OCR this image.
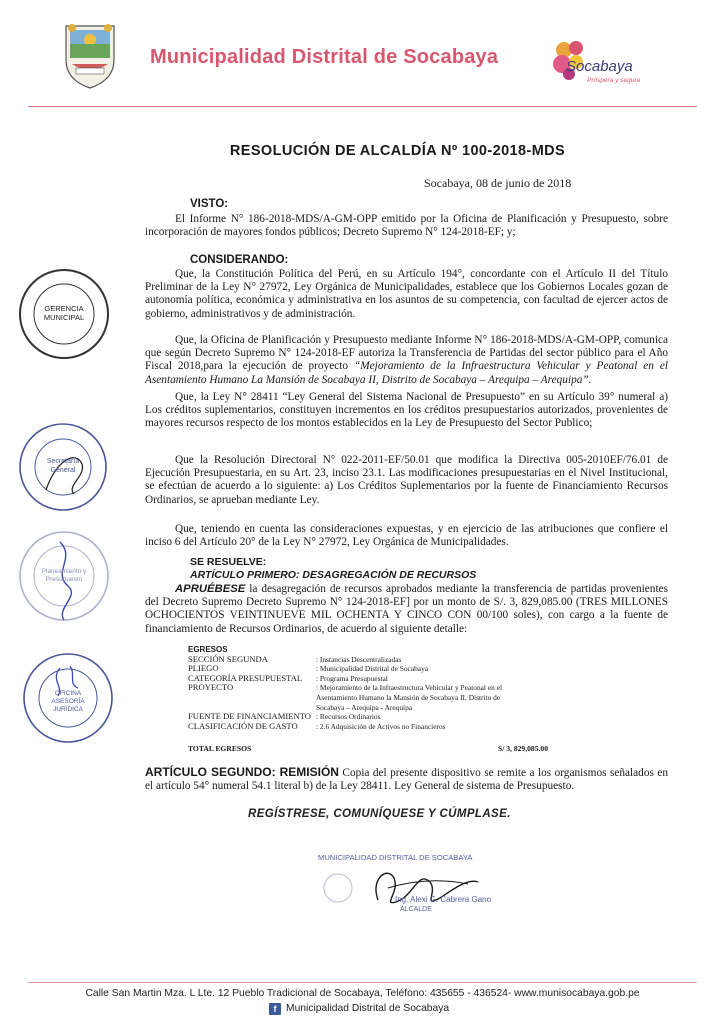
Municipalidad Distrital de Socabaya	Socabaya
Próspera y segura
RESOLUCIÓN DE ALCALDÍA Nº 100-2018-MDS
Socabaya, 08 de junio de 2018
VISTO:
El Informe N° 186-2018-MDS/A-GM-OPP emitido por la Oficina de Planificación y Presupuesto, sobre incorporación de mayores fondos públicos; Decreto Supremo N° 124-2018-EF; y;
CONSIDERANDO:
Que, la Constitución Política del Perú, en su Artículo 194°, concordante con el Artículo II del Título Preliminar de la Ley N° 27972, Ley Orgánica de Municipalidades, establece que los Gobiernos Locales gozan de autonomía política, económica y administrativa en los asuntos de su competencia, con facultad de ejercer actos de gobierno, administrativos y de administración.
Que, la Oficina de Planificación y Presupuesto mediante Informe N° 186-2018-MDS/A-GM-OPP, comunica que según Decreto Supremo N° 124-2018-EF autoriza la Transferencia de Partidas del sector público para el Año Fiscal 2018,para la ejecución de proyecto “Mejoramiento de la Infraestructura Vehicular y Peatonal en el Asentamiento Humano La Mansión de Socabaya II, Distrito de Socabaya – Arequipa – Arequipa”.
Que, la Ley N° 28411 “Ley General del Sistema Nacional de Presupuesto” en su Artículo 39° numeral a) Los créditos suplementarios, constituyen incrementos en los créditos presupuestarios autorizados, provenientes de mayores recursos respecto de los montos establecidos en la Ley de Presupuesto del Sector Publico;
Que la Resolución Directoral N° 022-2011-EF/50.01 que modifica la Directiva 005-2010EF/76.01 de Ejecución Presupuestaria, en su Art. 23, inciso 23.1. Las modificaciones presupuestarias en el Nivel Institucional, se efectúan de acuerdo a lo siguiente: a) Los Créditos Suplementarios por la fuente de Financiamiento Recursos Ordinarios, se aprueban mediante Ley.
Que, teniendo en cuenta las consideraciones expuestas, y en ejercicio de las atribuciones que confiere el inciso 6 del Artículo 20° de la Ley N° 27972, Ley Orgánica de Municipalidades.
SE RESUELVE:
ARTÍCULO PRIMERO: DESAGREGACIÓN DE RECURSOS
APRUÉBESE la desagregación de recursos aprobados mediante la transferencia de partidas provenientes del Decreto Supremo Decreto Supremo N° 124-2018-EF] por un monto de S/. 3, 829,085.00 (TRES MILLONES OCHOCIENTOS VEINTINUEVE MIL OCHENTA Y CINCO CON 00/100 soles), con cargo a la fuente de financiamiento de Recursos Ordinarios, de acuerdo al siguiente detalle:
EGRESOS
SECCIÓN SEGUNDA	: Instancias Descentralizadas
PLIEGO	: Municipalidad Distrital de Socabaya
CATEGORÍA PRESUPUESTAL	: Programa Presupuestal
PROYECTO	: Mejoramiento de la Infraestructura Vehicular y Peatonal en el Asentamiento Humano la Mansión de Socabaya II, Distrito de Socabaya – Arequipa - Arequipa
FUENTE DE FINANCIAMIENTO : Recursos Ordinarios
CLASIFICACIÓN DE GASTO	: 2.6 Adquisición de Activos no Financieros
TOTAL EGRESOS	S/ 3, 829,085.00
ARTÍCULO SEGUNDO: REMISIÓN Copia del presente dispositivo se remite a los organismos señalados en el artículo 54° numeral 54.1 literal b) de la Ley 28411. Ley General de sistema de Presupuesto.
REGÍSTRESE, COMUNÍQUESE Y CÚMPLASE.
MUNICIPALIDAD DISTRITAL DE SOCABAYA
Ing. Alexi G. Cabrera Gano
ALCALDE
GERENCIA MUNICIPAL
Secretaría General
Planeamiento y Presupuesto
OFICINA ASESORÍA JURÍDICA
Calle San Martin Mza. L Lte. 12 Pueblo Tradicional de Socabaya, Teléfono: 435655 - 436524- www.munisocabaya.gob.pe
f Municipalidad Distrital de Socabaya
